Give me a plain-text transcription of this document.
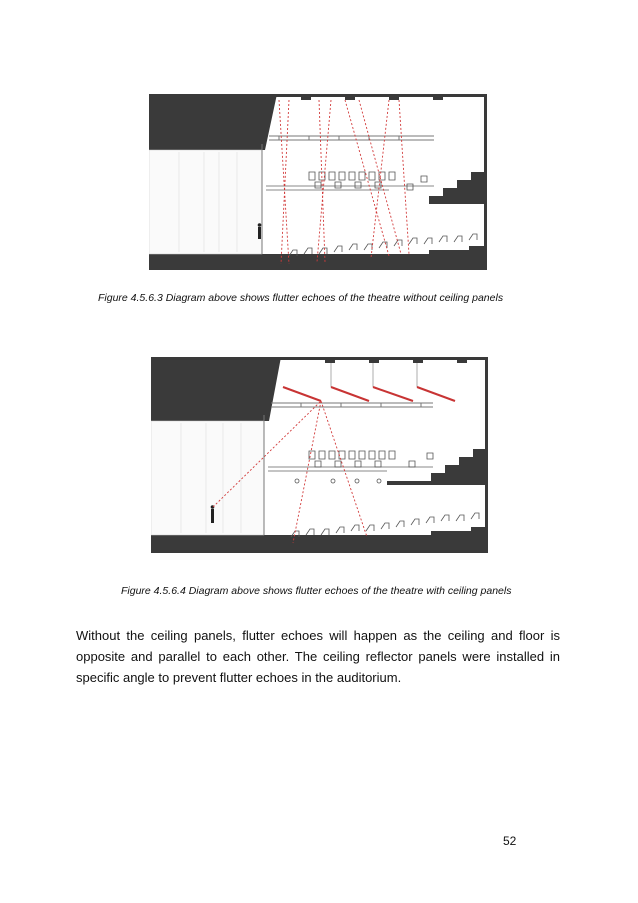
Figure 4.5.6.3 Diagram above shows flutter echoes of the theatre without ceiling panels
Figure 4.5.6.4 Diagram above shows flutter echoes of the theatre with ceiling panels

Without the ceiling panels, flutter echoes will happen as the ceiling and floor is opposite and parallel to each other. The ceiling reflector panels were installed in specific angle to prevent flutter echoes in the auditorium.

52
